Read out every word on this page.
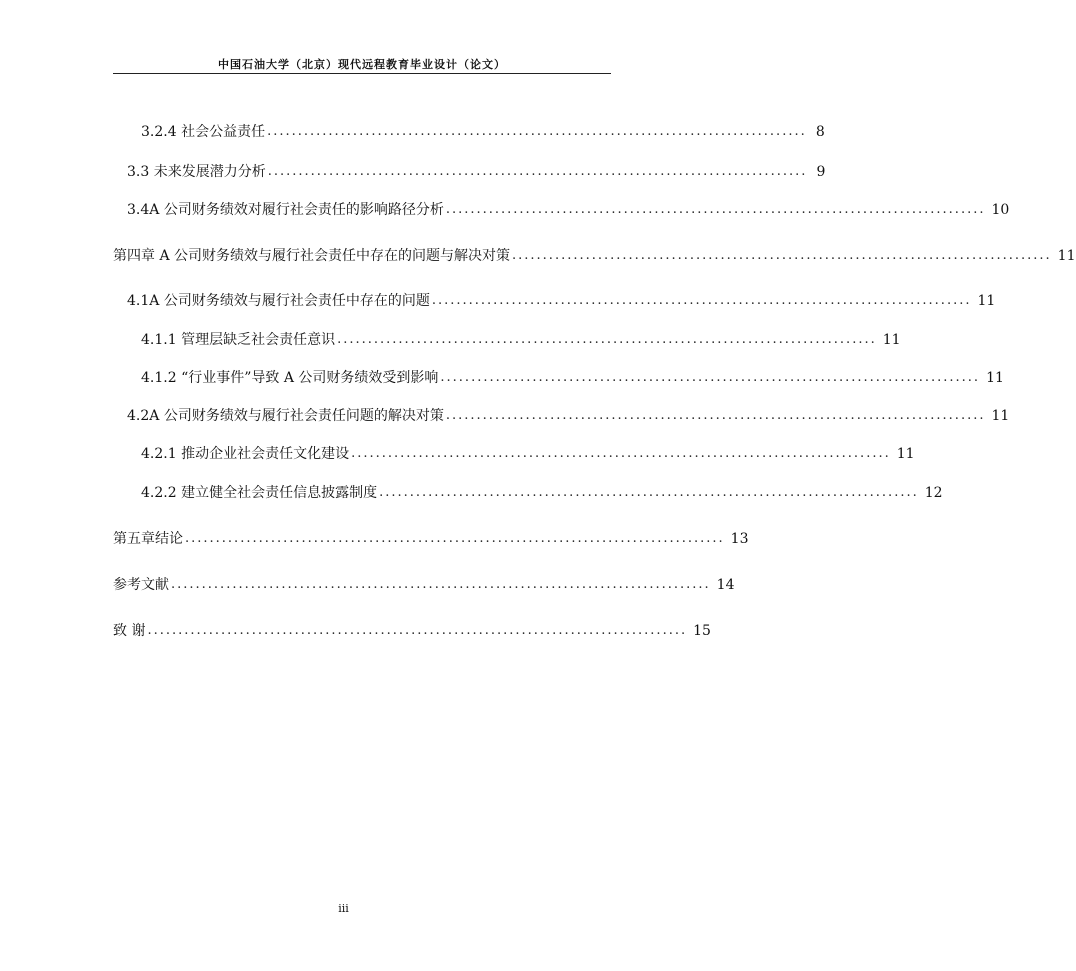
中国石油大学（北京）现代远程教育毕业设计（论文）
3.2.4 社会公益责任 ........................................................................................ 8
3.3 未来发展潜力分析 ........................................................................................ 9
3.4A 公司财务绩效对履行社会责任的影响路径分析 ........................................................................................ 10
第四章 A 公司财务绩效与履行社会责任中存在的问题与解决对策 ........................................................................................ 11
4.1A 公司财务绩效与履行社会责任中存在的问题 ........................................................................................ 11
4.1.1 管理层缺乏社会责任意识 ........................................................................................ 11
4.1.2 “行业事件”导致 A 公司财务绩效受到影响 ........................................................................................ 11
4.2A 公司财务绩效与履行社会责任问题的解决对策 ........................................................................................ 11
4.2.1 推动企业社会责任文化建设 ........................................................................................ 11
4.2.2 建立健全社会责任信息披露制度 ........................................................................................ 12
第五章结论 ........................................................................................ 13
参考文献 ........................................................................................ 14
致 谢 ........................................................................................ 15
iii
